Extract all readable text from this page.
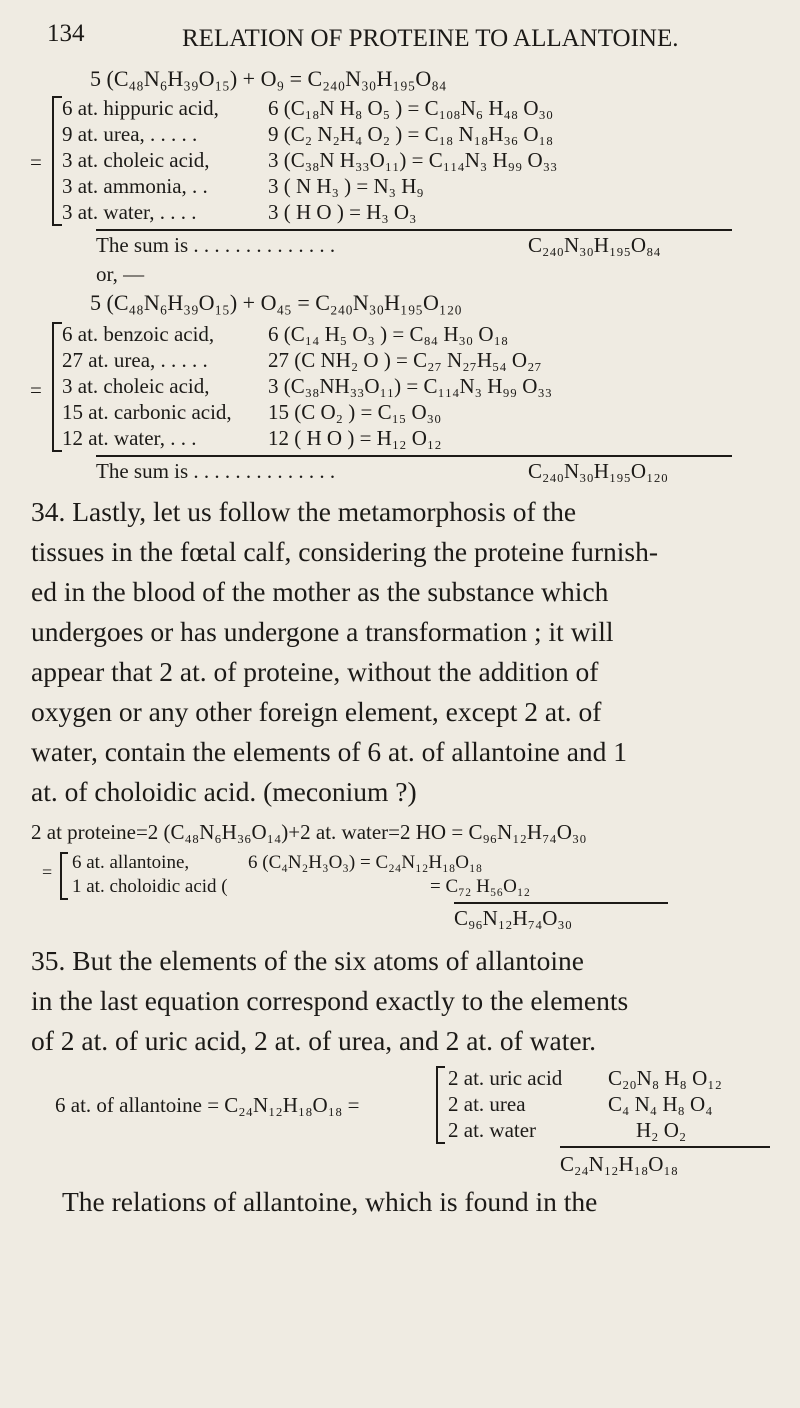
134	RELATION OF PROTEINE TO ALLANTOINE.
5 (C₄₈N₆H₃₉O₁₅) + O₉ = C₂₄₀N₃₀H₁₉₅O₈₄
=
6 at. hippuric acid, 6 (C₁₈N H₈ O₅ ) = C₁₀₈N₆ H₄₈ O₃₀
9 at. urea, . . . . .	9 (C₂ N₂H₄ O₂ ) = C₁₈ N₁₈H₃₆ O₁₈
3 at. choleic acid,	3 (C₃₈N H₃₃O₁₁) = C₁₁₄N₃ H₉₉ O₃₃
3 at. ammonia, . .	3 ( N H₃ ) = N₃ H₉
3 at. water, . . . .	3 ( H O ) = H₃ O₃
The sum is . . . . . . . . . . . . . .	C₂₄₀N₃₀H₁₉₅O₈₄
or, —
5 (C₄₈N₆H₃₉O₁₅) + O₄₅ = C₂₄₀N₃₀H₁₉₅O₁₂₀
=
6 at. benzoic acid,	6 (C₁₄ H₅ O₃ ) = C₈₄ H₃₀ O₁₈
27 at. urea, . . . . .	27 (C NH₂ O ) = C₂₇ N₂₇H₅₄ O₂₇
3 at. choleic acid,	3 (C₃₈NH₃₃O₁₁) = C₁₁₄N₃ H₉₉ O₃₃
15 at. carbonic acid, 15 (C O₂ ) = C₁₅ O₃₀
12 at. water, . . .	12 ( H O ) = H₁₂ O₁₂
The sum is . . . . . . . . . . . . . .	C₂₄₀N₃₀H₁₉₅O₁₂₀
34. Lastly, let us follow the metamorphosis of the
tissues in the fœtal calf, considering the proteine furnish-
ed in the blood of the mother as the substance which
undergoes or has undergone a transformation ; it will
appear that 2 at. of proteine, without the addition of
oxygen or any other foreign element, except 2 at. of
water, contain the elements of 6 at. of allantoine and 1
at. of choloidic acid. (meconium ?)
2 at proteine=2 (C₄₈N₆H₃₆O₁₄)+2 at. water=2 HO = C₉₆N₁₂H₇₄O₃₀
= 6 at. allantoine,	6 (C₄N₂H₃O₃) = C₂₄N₁₂H₁₈O₁₈
1 at. choloidic acid (	= C₇₂ H₅₆O₁₂
C₉₆N₁₂H₇₄O₃₀
35. But the elements of the six atoms of allantoine
in the last equation correspond exactly to the elements
of 2 at. of uric acid, 2 at. of urea, and 2 at. of water.
6 at. of allantoine = C₂₄N₁₂H₁₈O₁₈ =
2 at. uric acid C₂₀N₈ H₈ O₁₂
2 at. urea	C₄ N₄ H₈ O₄
2 at. water	H₂ O₂
C₂₄N₁₂H₁₈O₁₈
The relations of allantoine, which is found in the
